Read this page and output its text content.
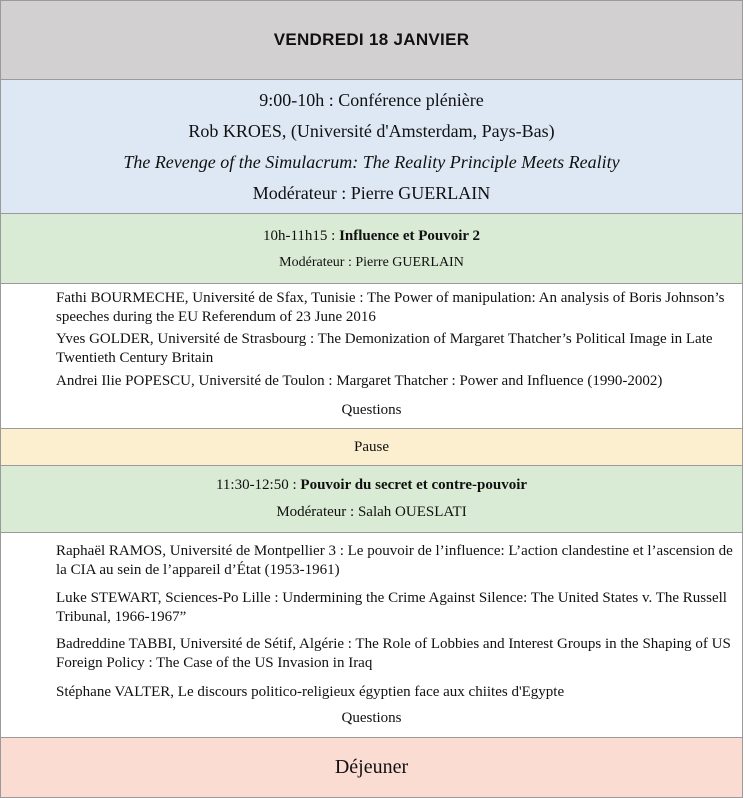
VENDREDI 18 JANVIER
9:00-10h : Conférence plénière
Rob KROES, (Université d'Amsterdam, Pays-Bas)
The Revenge of the Simulacrum: The Reality Principle Meets Reality
Modérateur : Pierre GUERLAIN
10h-11h15 : Influence et Pouvoir 2
Modérateur : Pierre GUERLAIN
Fathi BOURMECHE, Université de Sfax, Tunisie : The Power of manipulation: An analysis of Boris Johnson’s speeches during the EU Referendum of 23 June 2016
Yves GOLDER, Université de Strasbourg : The Demonization of Margaret Thatcher’s Political Image in Late Twentieth Century Britain
Andrei Ilie POPESCU, Université de Toulon : Margaret Thatcher : Power and Influence (1990-2002)
Questions
Pause
11:30-12:50 : Pouvoir du secret et contre-pouvoir
Modérateur : Salah OUESLATI
Raphaël RAMOS, Université de Montpellier 3 : Le pouvoir de l’influence: L’action clandestine et l’ascension de la CIA au sein de l’appareil d’État (1953-1961)
Luke STEWART, Sciences-Po Lille : Undermining the Crime Against Silence: The United States v. The Russell Tribunal, 1966-1967”
Badreddine TABBI, Université de Sétif, Algérie : The Role of Lobbies and Interest Groups in the Shaping of US Foreign Policy : The Case of the US Invasion in Iraq
Stéphane VALTER, Le discours politico-religieux égyptien face aux chiites d'Egypte
Questions
Déjeuner
